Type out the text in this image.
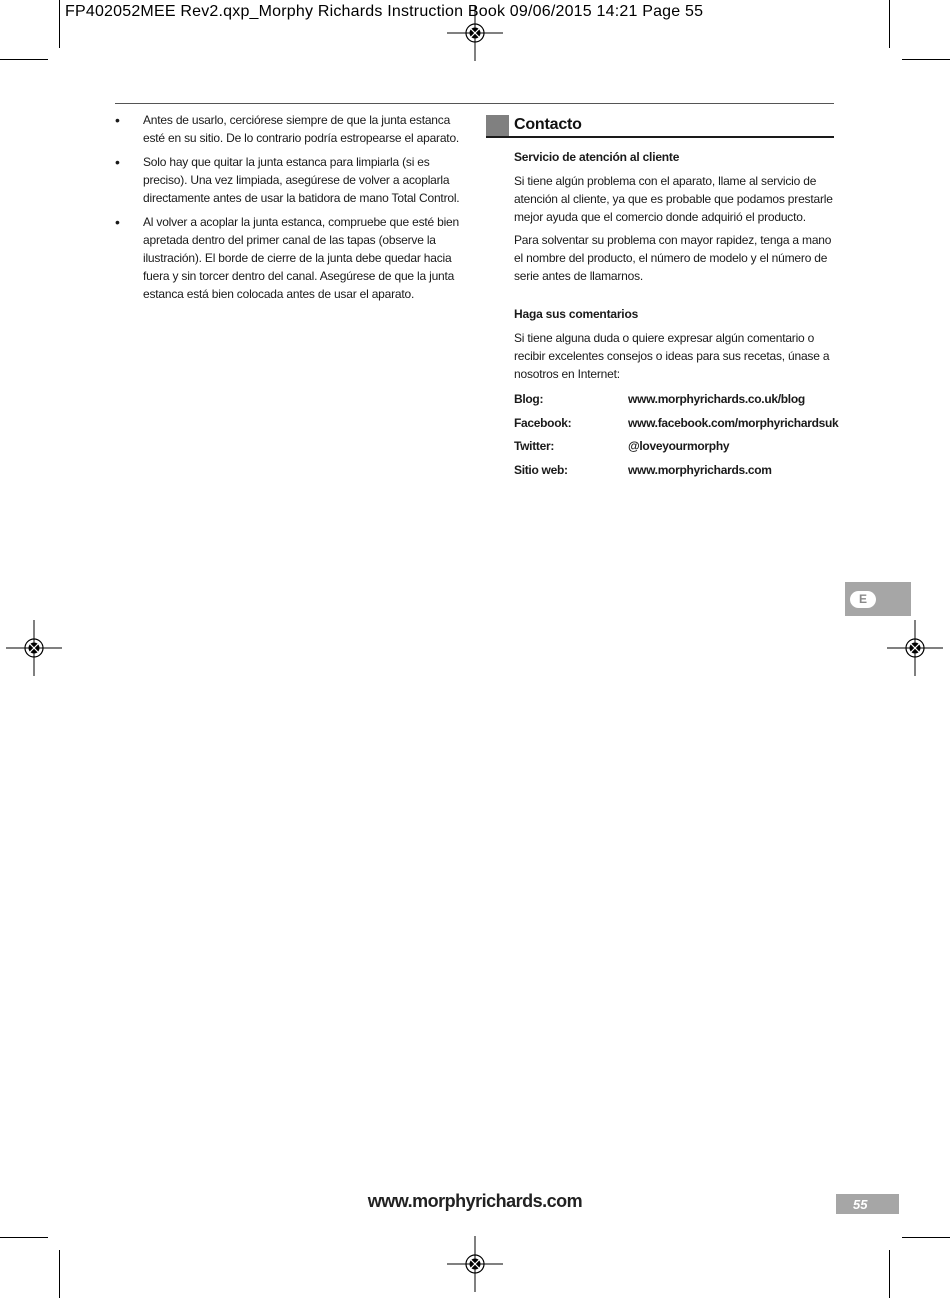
FP402052MEE Rev2.qxp_Morphy Richards Instruction Book 09/06/2015 14:21 Page 55
•	Antes de usarlo, cerciórese siempre de que la junta estanca esté en su sitio. De lo contrario podría estropearse el aparato.
•	Solo hay que quitar la junta estanca para limpiarla (si es preciso). Una vez limpiada, asegúrese de volver a acoplarla directamente antes de usar la batidora de mano Total Control.
•	Al volver a acoplar la junta estanca, compruebe que esté bien apretada dentro del primer canal de las tapas (observe la ilustración). El borde de cierre de la junta debe quedar hacia fuera y sin torcer dentro del canal. Asegúrese de que la junta estanca está bien colocada antes de usar el aparato.
Contacto

Servicio de atención al cliente

Si tiene algún problema con el aparato, llame al servicio de atención al cliente, ya que es probable que podamos prestarle mejor ayuda que el comercio donde adquirió el producto.

Para solventar su problema con mayor rapidez, tenga a mano el nombre del producto, el número de modelo y el número de serie antes de llamarnos.

Haga sus comentarios

Si tiene alguna duda o quiere expresar algún comentario o recibir excelentes consejos o ideas para sus recetas, únase a nosotros en Internet:

Blog:	www.morphyrichards.co.uk/blog
Facebook:	www.facebook.com/morphyrichardsuk
Twitter:	@loveyourmorphy
Sitio web:	www.morphyrichards.com
E
www.morphyrichards.com	55
